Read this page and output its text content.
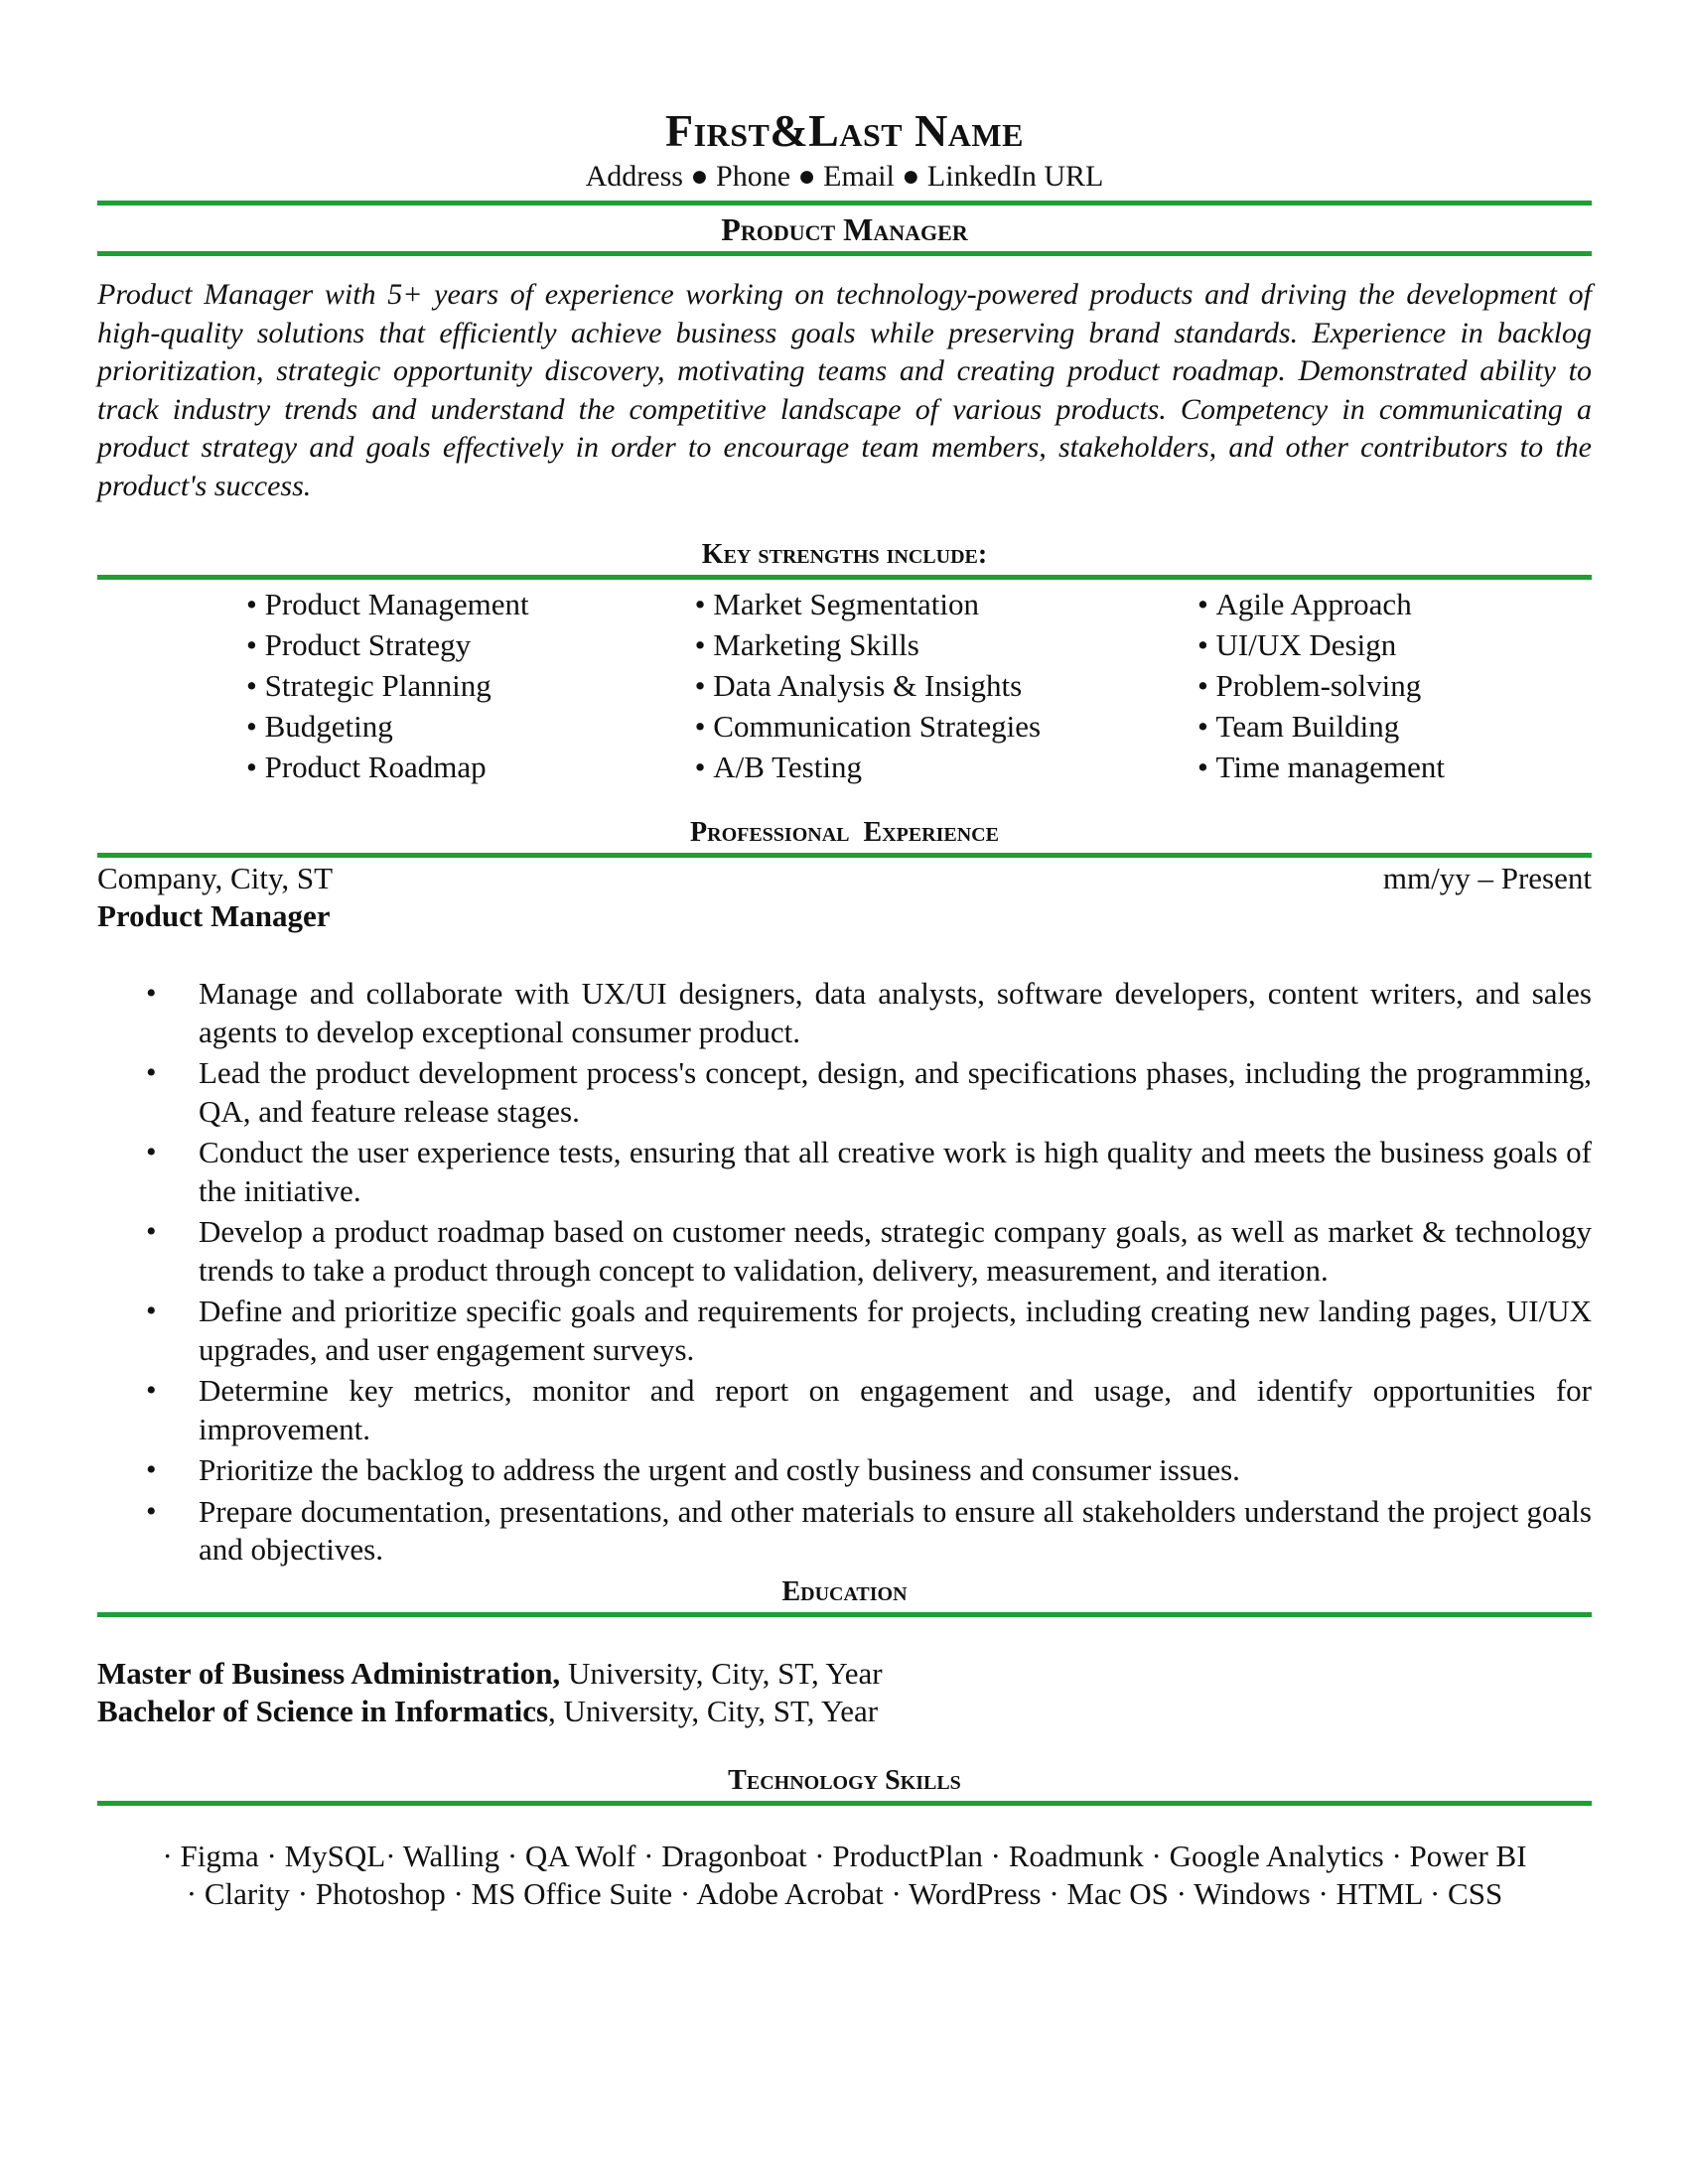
First&Last Name
Address ● Phone ● Email ● LinkedIn URL
Product Manager
Product Manager with 5+ years of experience working on technology-powered products and driving the development of high-quality solutions that efficiently achieve business goals while preserving brand standards. Experience in backlog prioritization, strategic opportunity discovery, motivating teams and creating product roadmap. Demonstrated ability to track industry trends and understand the competitive landscape of various products. Competency in communicating a product strategy and goals effectively in order to encourage team members, stakeholders, and other contributors to the product's success.
Key strengths include:
• Product Management
• Product Strategy
• Strategic Planning
• Budgeting
• Product Roadmap
• Market Segmentation
• Marketing Skills
• Data Analysis & Insights
• Communication Strategies
• A/B Testing
• Agile Approach
• UI/UX Design
• Problem-solving
• Team Building
• Time management
Professional  Experience
Company, City, ST	mm/yy – Present
Product Manager
• Manage and collaborate with UX/UI designers, data analysts, software developers, content writers, and sales agents to develop exceptional consumer product.
• Lead the product development process's concept, design, and specifications phases, including the programming, QA, and feature release stages.
• Conduct the user experience tests, ensuring that all creative work is high quality and meets the business goals of the initiative.
• Develop a product roadmap based on customer needs, strategic company goals, as well as market & technology trends to take a product through concept to validation, delivery, measurement, and iteration.
• Define and prioritize specific goals and requirements for projects, including creating new landing pages, UI/UX upgrades, and user engagement surveys.
• Determine key metrics, monitor and report on engagement and usage, and identify opportunities for improvement.
• Prioritize the backlog to address the urgent and costly business and consumer issues.
• Prepare documentation, presentations, and other materials to ensure all stakeholders understand the project goals and objectives.
Education
Master of Business Administration, University, City, ST, Year
Bachelor of Science in Informatics, University, City, ST, Year
Technology Skills
· Figma · MySQL· Walling · QA Wolf · Dragonboat · ProductPlan · Roadmunk · Google Analytics · Power BI
· Clarity · Photoshop · MS Office Suite · Adobe Acrobat · WordPress · Mac OS · Windows · HTML · CSS
